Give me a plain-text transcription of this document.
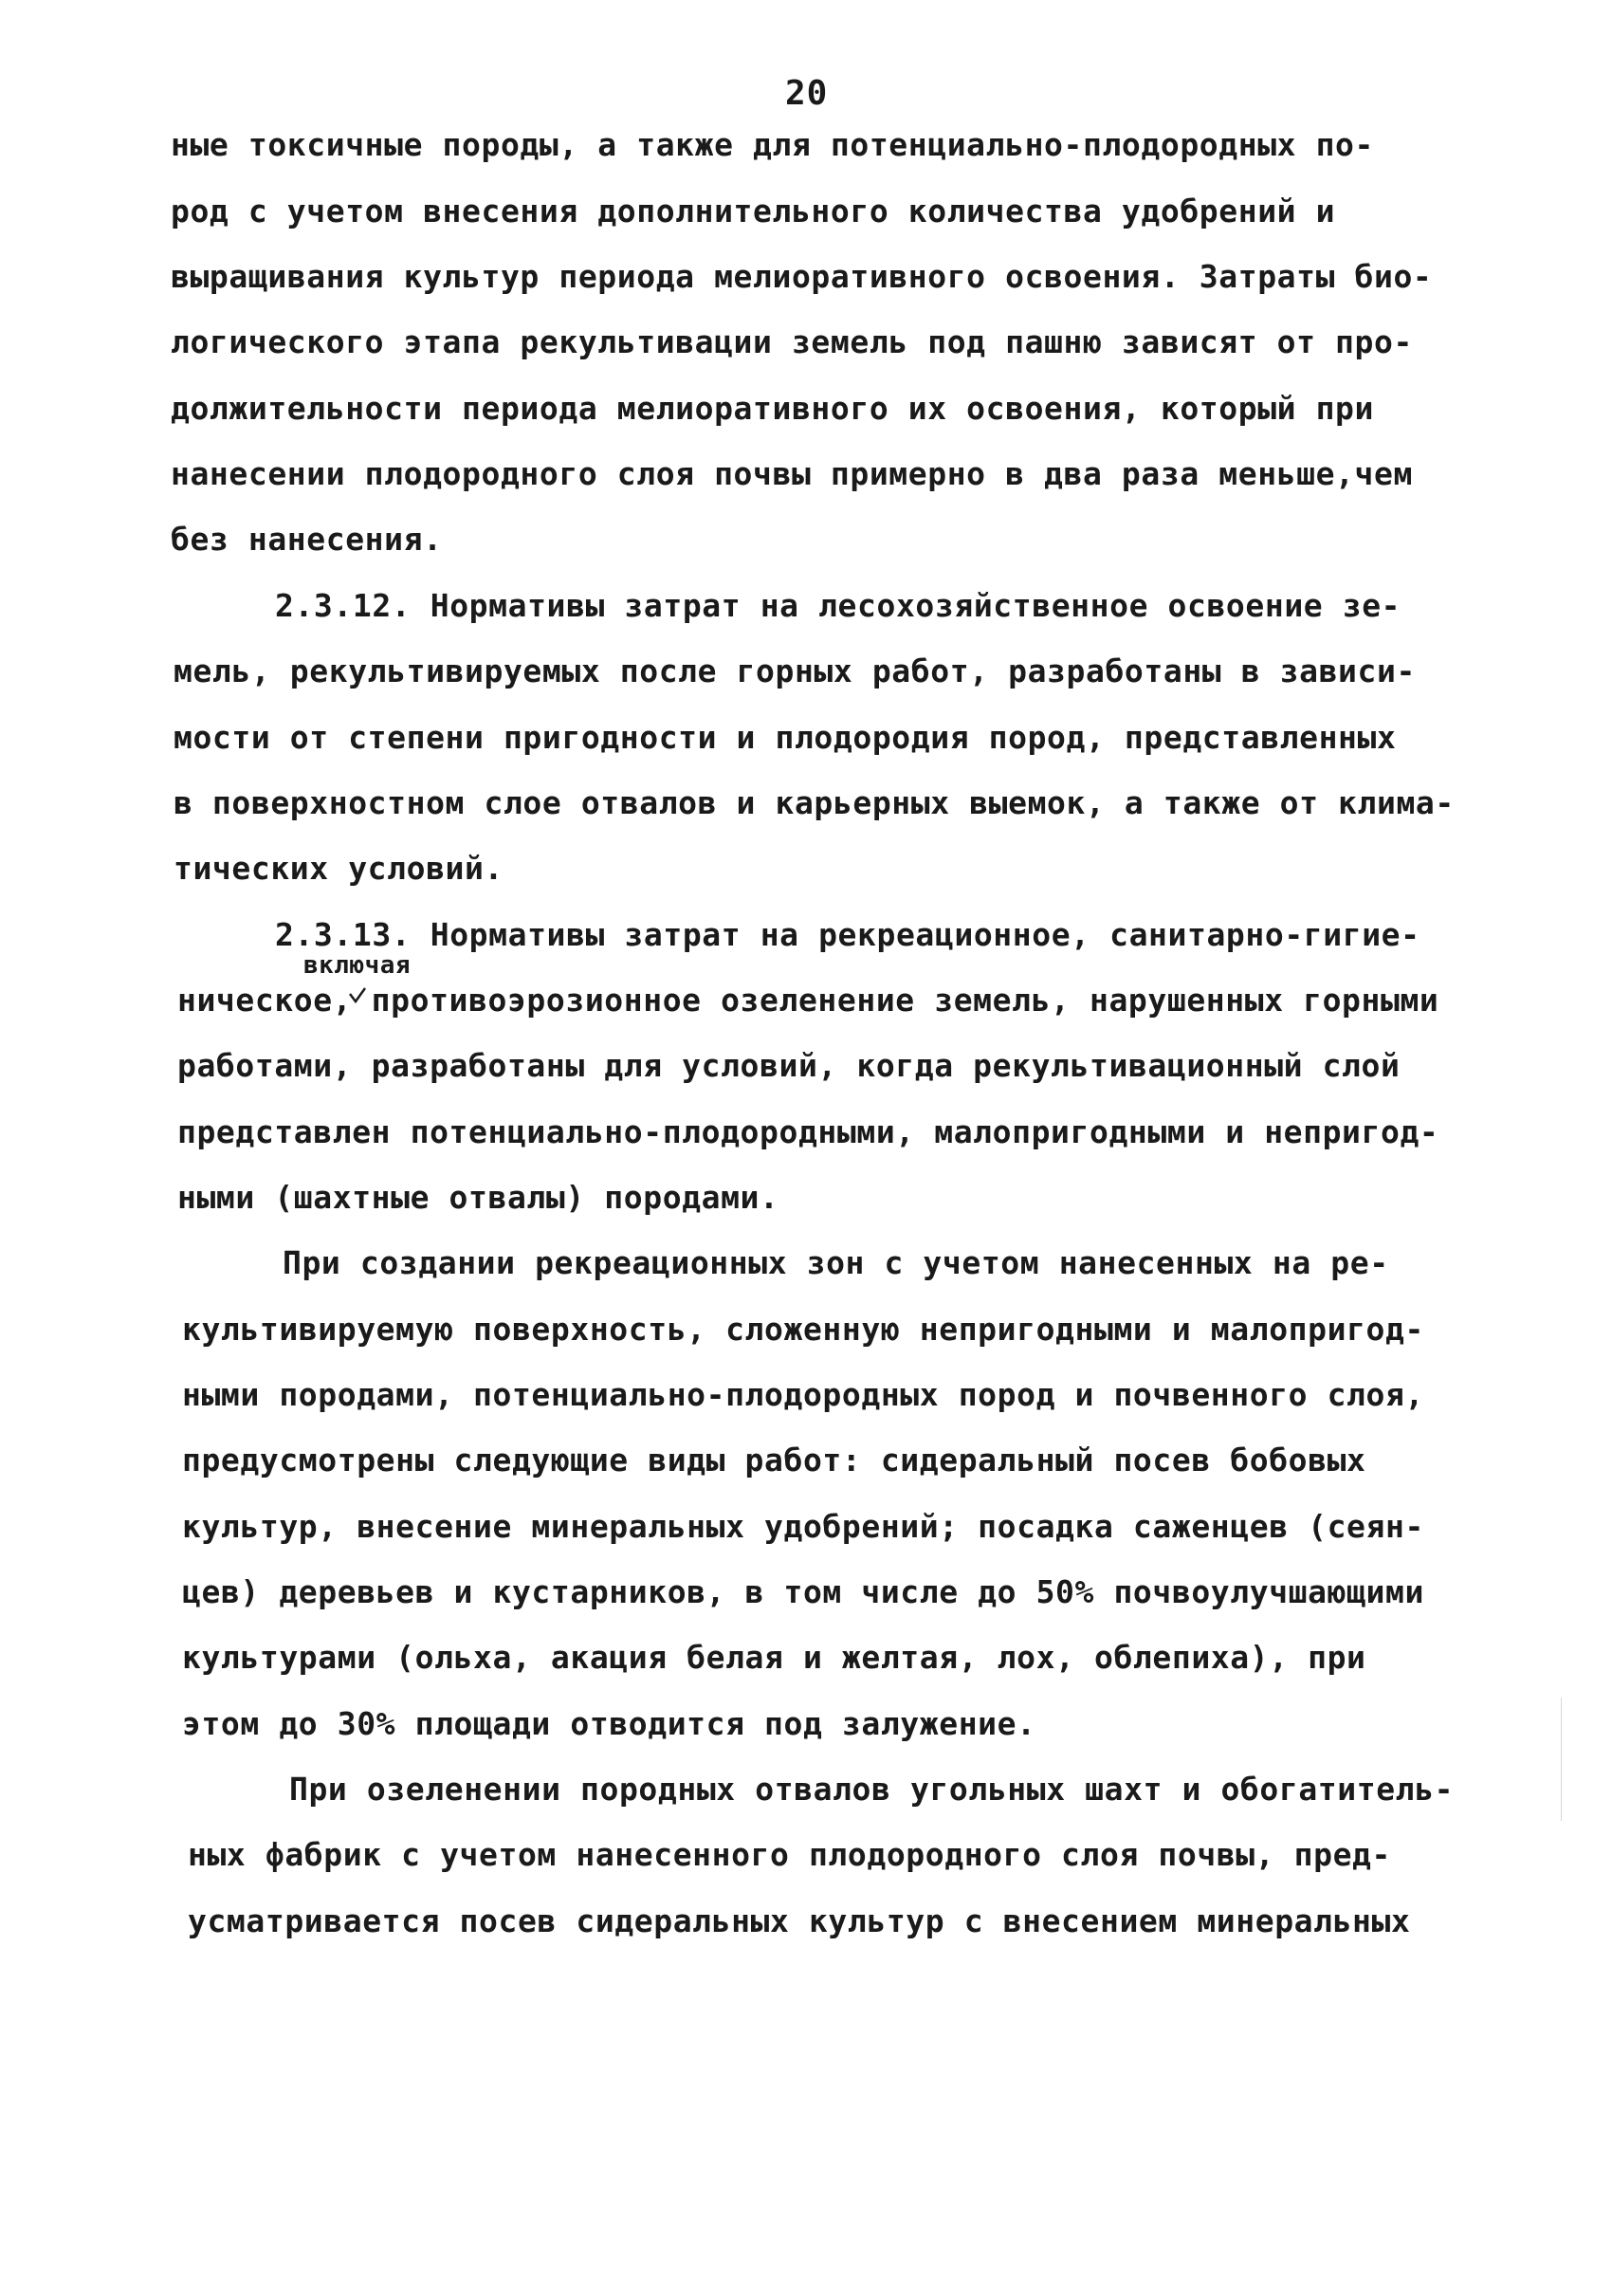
20
ные токсичные породы, а также для потенциально-плодородных по-
род с учетом внесения дополнительного количества удобрений и
выращивания культур периода мелиоративного освоения. Затраты био-
логического этапа рекультивации земель под пашню зависят от про-
должительности периода мелиоративного их освоения, который при
нанесении плодородного слоя почвы примерно в два раза меньше,чем
без нанесения.
2.3.12. Нормативы затрат на лесохозяйственное освоение зе-
мель, рекультивируемых после горных работ, разработаны в зависи-
мости от степени пригодности и плодородия пород, представленных
в поверхностном слое отвалов и карьерных выемок, а также от клима-
тических условий.
2.3.13. Нормативы затрат на рекреационное, санитарно-гигие-
включая
ническое, противоэрозионное озеленение земель, нарушенных горными
работами, разработаны для условий, когда рекультивационный слой
представлен потенциально-плодородными, малопригодными и непригод-
ными (шахтные отвалы) породами.
При создании рекреационных зон с учетом нанесенных на ре-
культивируемую поверхность, сложенную непригодными и малопригод-
ными породами, потенциально-плодородных пород и почвенного слоя,
предусмотрены следующие виды работ: сидеральный посев бобовых
культур, внесение минеральных удобрений; посадка саженцев (сеян-
цев) деревьев и кустарников, в том числе до 50% почвоулучшающими
культурами (ольха, акация белая и желтая, лох, облепиха), при
этом до 30% площади отводится под залужение.
При озеленении породных отвалов угольных шахт и обогатитель-
ных фабрик с учетом нанесенного плодородного слоя почвы, пред-
усматривается посев сидеральных культур с внесением минеральных
